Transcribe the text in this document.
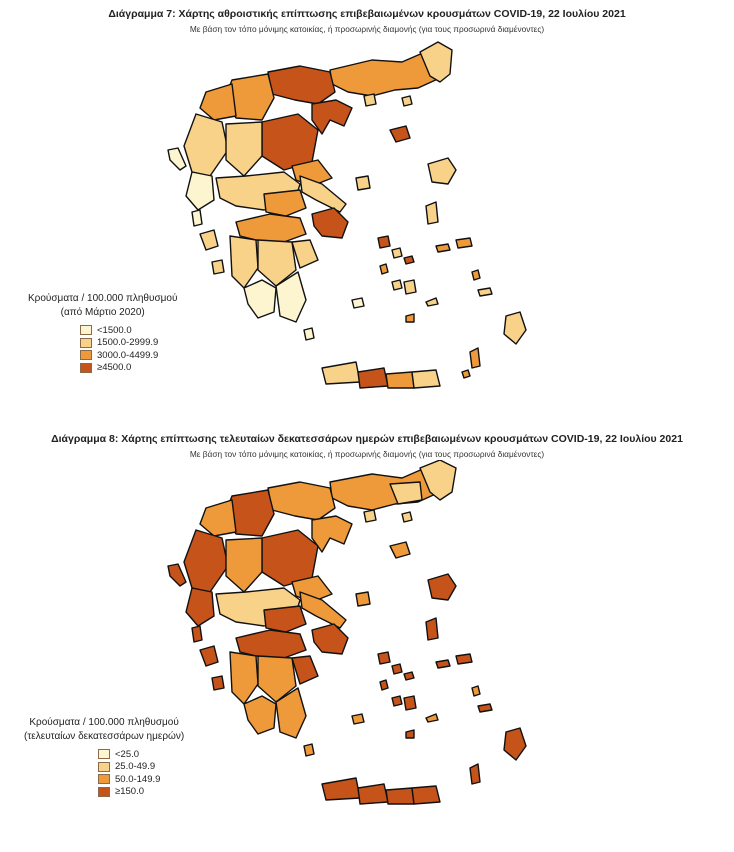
Διάγραμμα 7: Χάρτης αθροιστικής επίπτωσης επιβεβαιωμένων κρουσμάτων COVID-19, 22 Ιουλίου 2021
Με βάση τον τόπο μόνιμης κατοικίας, ή προσωρινής διαμονής (για τους προσωρινά διαμένοντες)
Κρούσματα / 100.000 πληθυσμού
(από Μάρτιο 2020)
<1500.0
1500.0-2999.9
3000.0-4499.9
≥4500.0
Διάγραμμα 8: Χάρτης επίπτωσης τελευταίων δεκατεσσάρων ημερών επιβεβαιωμένων κρουσμάτων COVID-19, 22 Ιουλίου 2021
Με βάση τον τόπο μόνιμης κατοικίας, ή προσωρινής διαμονής (για τους προσωρινά διαμένοντες)
Κρούσματα / 100.000 πληθυσμού
(τελευταίων δεκατεσσάρων ημερών)
<25.0
25.0-49.9
50.0-149.9
≥150.0
